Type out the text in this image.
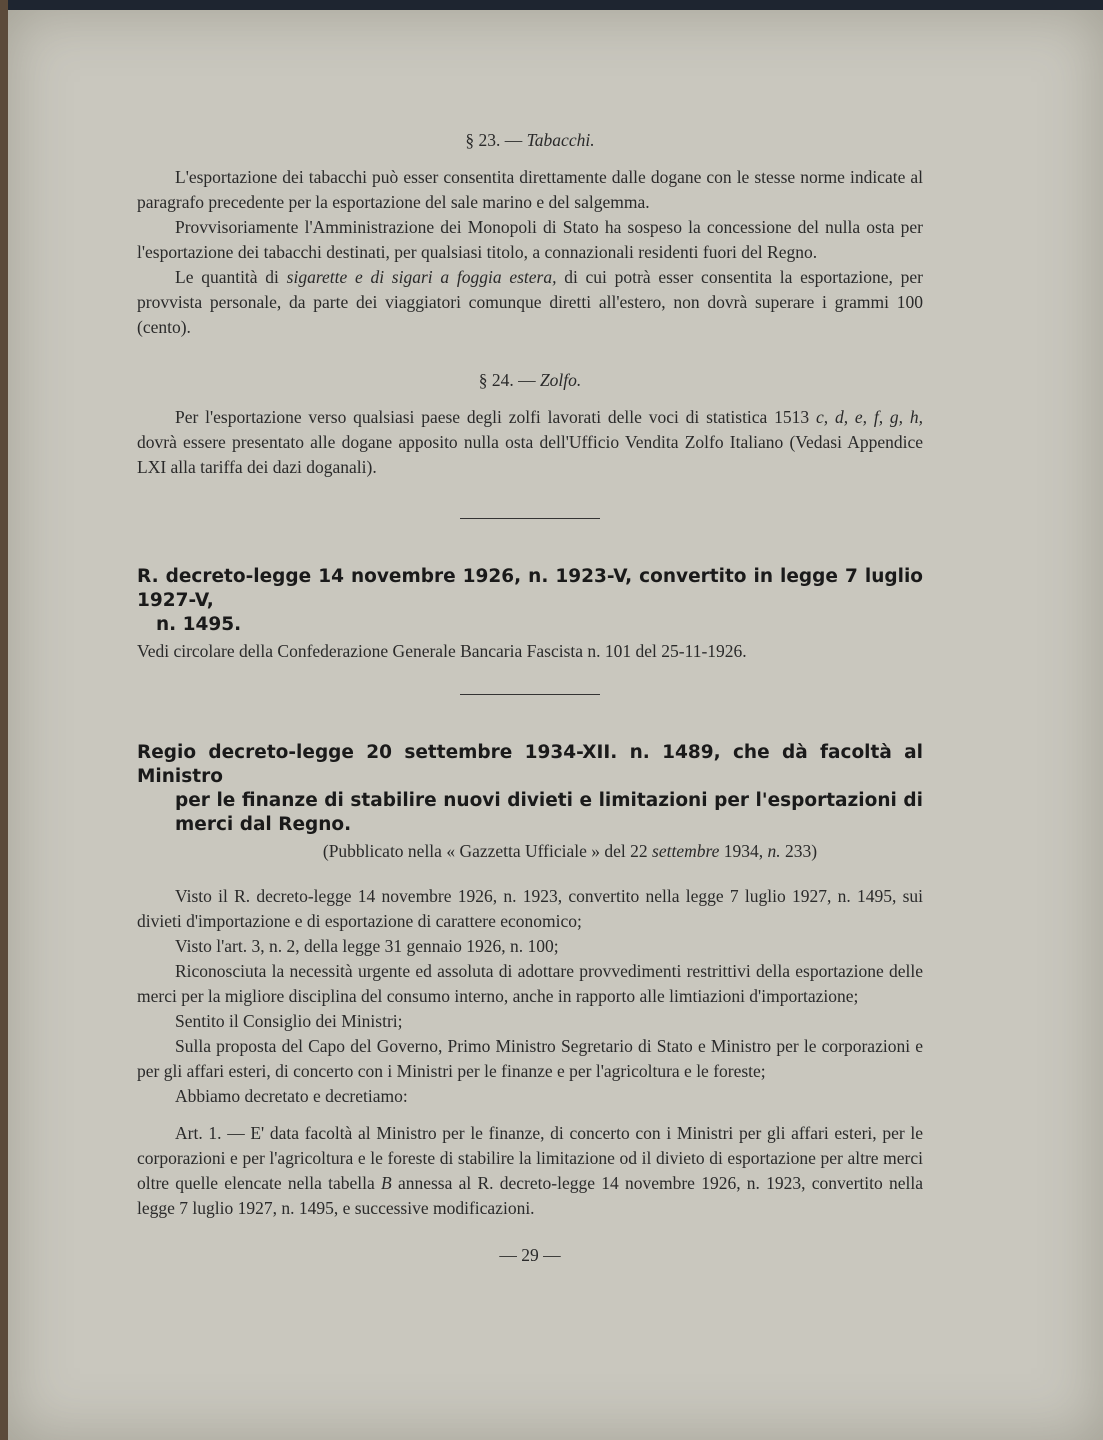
§ 23. — Tabacchi.

L'esportazione dei tabacchi può esser consentita direttamente dalle dogane con le stesse norme indicate al paragrafo precedente per la esportazione del sale marino e del salgemma.

Provvisoriamente l'Amministrazione dei Monopoli di Stato ha sospeso la concessione del nulla osta per l'esportazione dei tabacchi destinati, per qualsiasi titolo, a connazionali residenti fuori del Regno.

Le quantità di sigarette e di sigari a foggia estera, di cui potrà esser consentita la esportazione, per provvista personale, da parte dei viaggiatori comunque diretti all'estero, non dovrà superare i grammi 100 (cento).

§ 24. — Zolfo.

Per l'esportazione verso qualsiasi paese degli zolfi lavorati delle voci di statistica 1513 c, d, e, f, g, h, dovrà essere presentato alle dogane apposito nulla osta dell'Ufficio Vendita Zolfo Italiano (Vedasi Appendice LXI alla tariffa dei dazi doganali).

R. decreto-legge 14 novembre 1926, n. 1923-V, convertito in legge 7 luglio 1927-V,
n. 1495.

Vedi circolare della Confederazione Generale Bancaria Fascista n. 101 del 25-11-1926.

Regio decreto-legge 20 settembre 1934-XII. n. 1489, che dà facoltà al Ministro
per le finanze di stabilire nuovi divieti e limitazioni per l'esportazioni di merci dal Regno.
(Pubblicato nella « Gazzetta Ufficiale » del 22 settembre 1934, n. 233)

Visto il R. decreto-legge 14 novembre 1926, n. 1923, convertito nella legge 7 luglio 1927, n. 1495, sui divieti d'importazione e di esportazione di carattere economico;

Visto l'art. 3, n. 2, della legge 31 gennaio 1926, n. 100;

Riconosciuta la necessità urgente ed assoluta di adottare provvedimenti restrittivi della esportazione delle merci per la migliore disciplina del consumo interno, anche in rapporto alle limtiazioni d'importazione;

Sentito il Consiglio dei Ministri;

Sulla proposta del Capo del Governo, Primo Ministro Segretario di Stato e Ministro per le corporazioni e per gli affari esteri, di concerto con i Ministri per le finanze e per l'agricoltura e le foreste;

Abbiamo decretato e decretiamo:

Art. 1. — E' data facoltà al Ministro per le finanze, di concerto con i Ministri per gli affari esteri, per le corporazioni e per l'agricoltura e le foreste di stabilire la limitazione od il divieto di esportazione per altre merci oltre quelle elencate nella tabella B annessa al R. decreto-legge 14 novembre 1926, n. 1923, convertito nella legge 7 luglio 1927, n. 1495, e successive modificazioni.

— 29 —
